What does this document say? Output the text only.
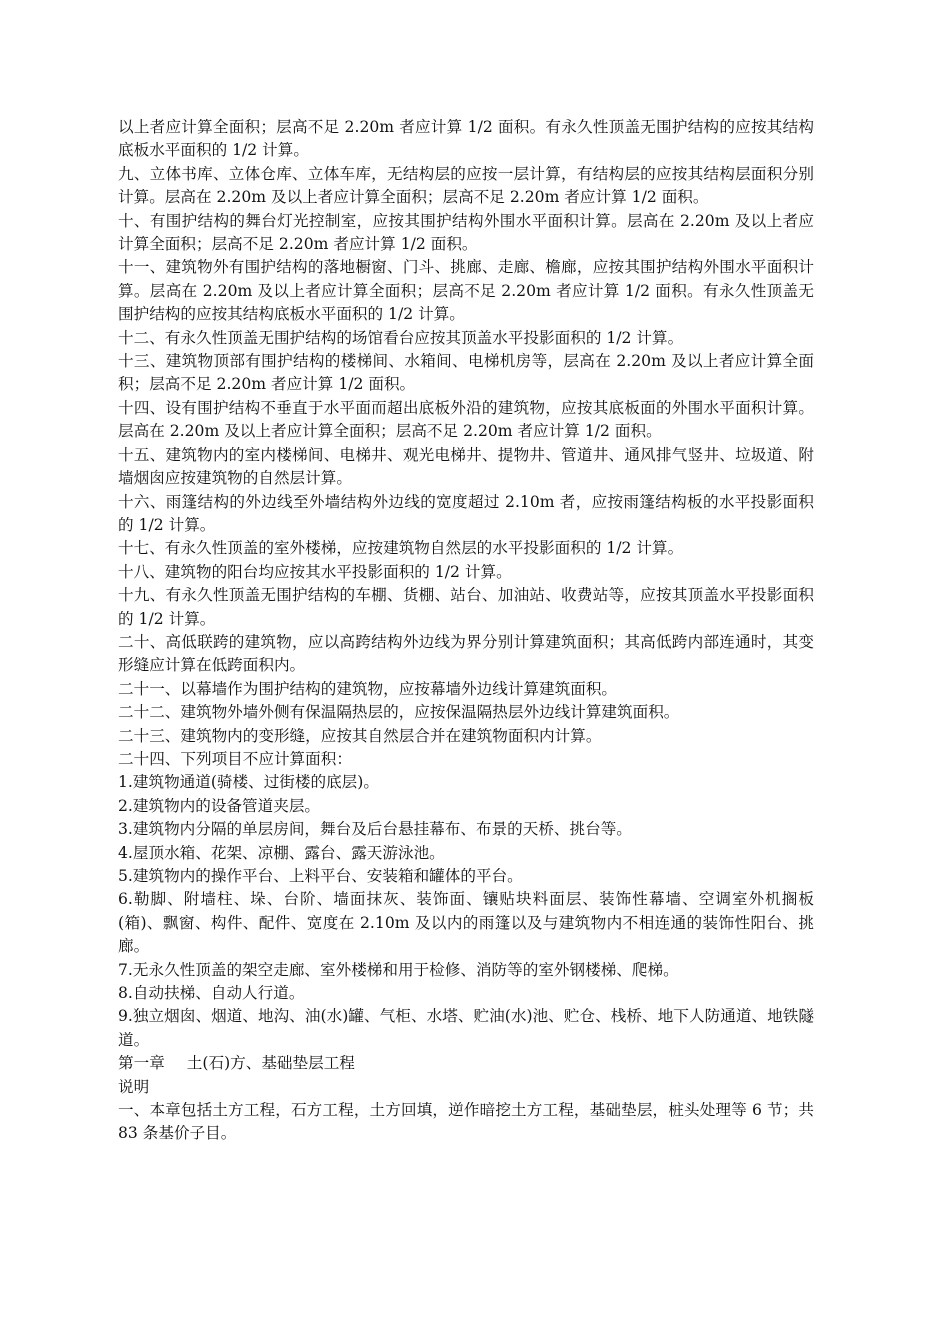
以上者应计算全面积；层高不足 2.20m 者应计算 1/2 面积。有永久性顶盖无围护结构的应按其结构底板水平面积的 1/2 计算。
九、立体书库、立体仓库、立体车库，无结构层的应按一层计算，有结构层的应按其结构层面积分别计算。层高在 2.20m 及以上者应计算全面积；层高不足 2.20m 者应计算 1/2 面积。
十、有围护结构的舞台灯光控制室，应按其围护结构外围水平面积计算。层高在 2.20m 及以上者应计算全面积；层高不足 2.20m 者应计算 1/2 面积。
十一、建筑物外有围护结构的落地橱窗、门斗、挑廊、走廊、檐廊，应按其围护结构外围水平面积计算。层高在 2.20m 及以上者应计算全面积；层高不足 2.20m 者应计算 1/2 面积。有永久性顶盖无围护结构的应按其结构底板水平面积的 1/2 计算。
十二、有永久性顶盖无围护结构的场馆看台应按其顶盖水平投影面积的 1/2 计算。
十三、建筑物顶部有围护结构的楼梯间、水箱间、电梯机房等，层高在 2.20m 及以上者应计算全面积；层高不足 2.20m 者应计算 1/2 面积。
十四、设有围护结构不垂直于水平面而超出底板外沿的建筑物，应按其底板面的外围水平面积计算。层高在 2.20m 及以上者应计算全面积；层高不足 2.20m 者应计算 1/2 面积。
十五、建筑物内的室内楼梯间、电梯井、观光电梯井、提物井、管道井、通风排气竖井、垃圾道、附墙烟囱应按建筑物的自然层计算。
十六、雨篷结构的外边线至外墙结构外边线的宽度超过 2.10m 者，应按雨篷结构板的水平投影面积的 1/2 计算。
十七、有永久性顶盖的室外楼梯，应按建筑物自然层的水平投影面积的 1/2 计算。
十八、建筑物的阳台均应按其水平投影面积的 1/2 计算。
十九、有永久性顶盖无围护结构的车棚、货棚、站台、加油站、收费站等，应按其顶盖水平投影面积的 1/2 计算。
二十、高低联跨的建筑物，应以高跨结构外边线为界分别计算建筑面积；其高低跨内部连通时，其变形缝应计算在低跨面积内。
二十一、以幕墙作为围护结构的建筑物，应按幕墙外边线计算建筑面积。
二十二、建筑物外墙外侧有保温隔热层的，应按保温隔热层外边线计算建筑面积。
二十三、建筑物内的变形缝，应按其自然层合并在建筑物面积内计算。
二十四、下列项目不应计算面积：
1.建筑物通道(骑楼、过街楼的底层)。
2.建筑物内的设备管道夹层。
3.建筑物内分隔的单层房间，舞台及后台悬挂幕布、布景的天桥、挑台等。
4.屋顶水箱、花架、凉棚、露台、露天游泳池。
5.建筑物内的操作平台、上料平台、安装箱和罐体的平台。
6.勒脚、附墙柱、垛、台阶、墙面抹灰、装饰面、镶贴块料面层、装饰性幕墙、空调室外机搁板(箱)、飘窗、构件、配件、宽度在 2.10m 及以内的雨篷以及与建筑物内不相连通的装饰性阳台、挑廊。
7.无永久性顶盖的架空走廊、室外楼梯和用于检修、消防等的室外钢楼梯、爬梯。
8.自动扶梯、自动人行道。
9.独立烟囱、烟道、地沟、油(水)罐、气柜、水塔、贮油(水)池、贮仓、栈桥、地下人防通道、地铁隧道。
第一章 土(石)方、基础垫层工程
说明
一、本章包括土方工程，石方工程，土方回填，逆作暗挖土方工程，基础垫层，桩头处理等 6 节；共 83 条基价子目。
